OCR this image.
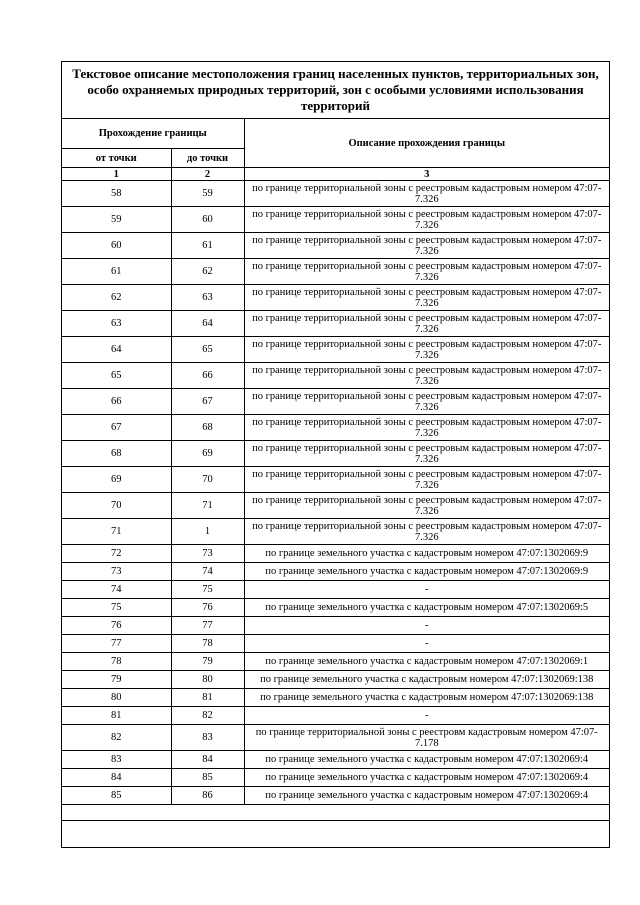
Текстовое описание местоположения границ населенных пунктов, территориальных зон, особо охраняемых природных территорий, зон с особыми условиями использования территорий
Прохождение границы		Описание прохождения границы
от точки	до точки	
1	2	3
58	59	по границе территориальной зоны с реестровым кадастровым номером 47:07-7.326
59	60	по границе территориальной зоны с реестровым кадастровым номером 47:07-7.326
60	61	по границе территориальной зоны с реестровым кадастровым номером 47:07-7.326
61	62	по границе территориальной зоны с реестровым кадастровым номером 47:07-7.326
62	63	по границе территориальной зоны с реестровым кадастровым номером 47:07-7.326
63	64	по границе территориальной зоны с реестровым кадастровым номером 47:07-7.326
64	65	по границе территориальной зоны с реестровым кадастровым номером 47:07-7.326
65	66	по границе территориальной зоны с реестровым кадастровым номером 47:07-7.326
66	67	по границе территориальной зоны с реестровым кадастровым номером 47:07-7.326
67	68	по границе территориальной зоны с реестровым кадастровым номером 47:07-7.326
68	69	по границе территориальной зоны с реестровым кадастровым номером 47:07-7.326
69	70	по границе территориальной зоны с реестровым кадастровым номером 47:07-7.326
70	71	по границе территориальной зоны с реестровым кадастровым номером 47:07-7.326
71	1	по границе территориальной зоны с реестровым кадастровым номером 47:07-7.326
72	73	по границе земельного участка с кадастровым номером 47:07:1302069:9
73	74	по границе земельного участка с кадастровым номером 47:07:1302069:9
74	75	-
75	76	по границе земельного участка с кадастровым номером 47:07:1302069:5
76	77	-
77	78	-
78	79	по границе земельного участка с кадастровым номером 47:07:1302069:1
79	80	по границе земельного участка с кадастровым номером 47:07:1302069:138
80	81	по границе земельного участка с кадастровым номером 47:07:1302069:138
81	82	-
82	83	по границе территориальной зоны с реестровм кадастровым номером 47:07-7.178
83	84	по границе земельного участка с кадастровым номером 47:07:1302069:4
84	85	по границе земельного участка с кадастровым номером 47:07:1302069:4
85	86	по границе земельного участка с кадастровым номером 47:07:1302069:4
